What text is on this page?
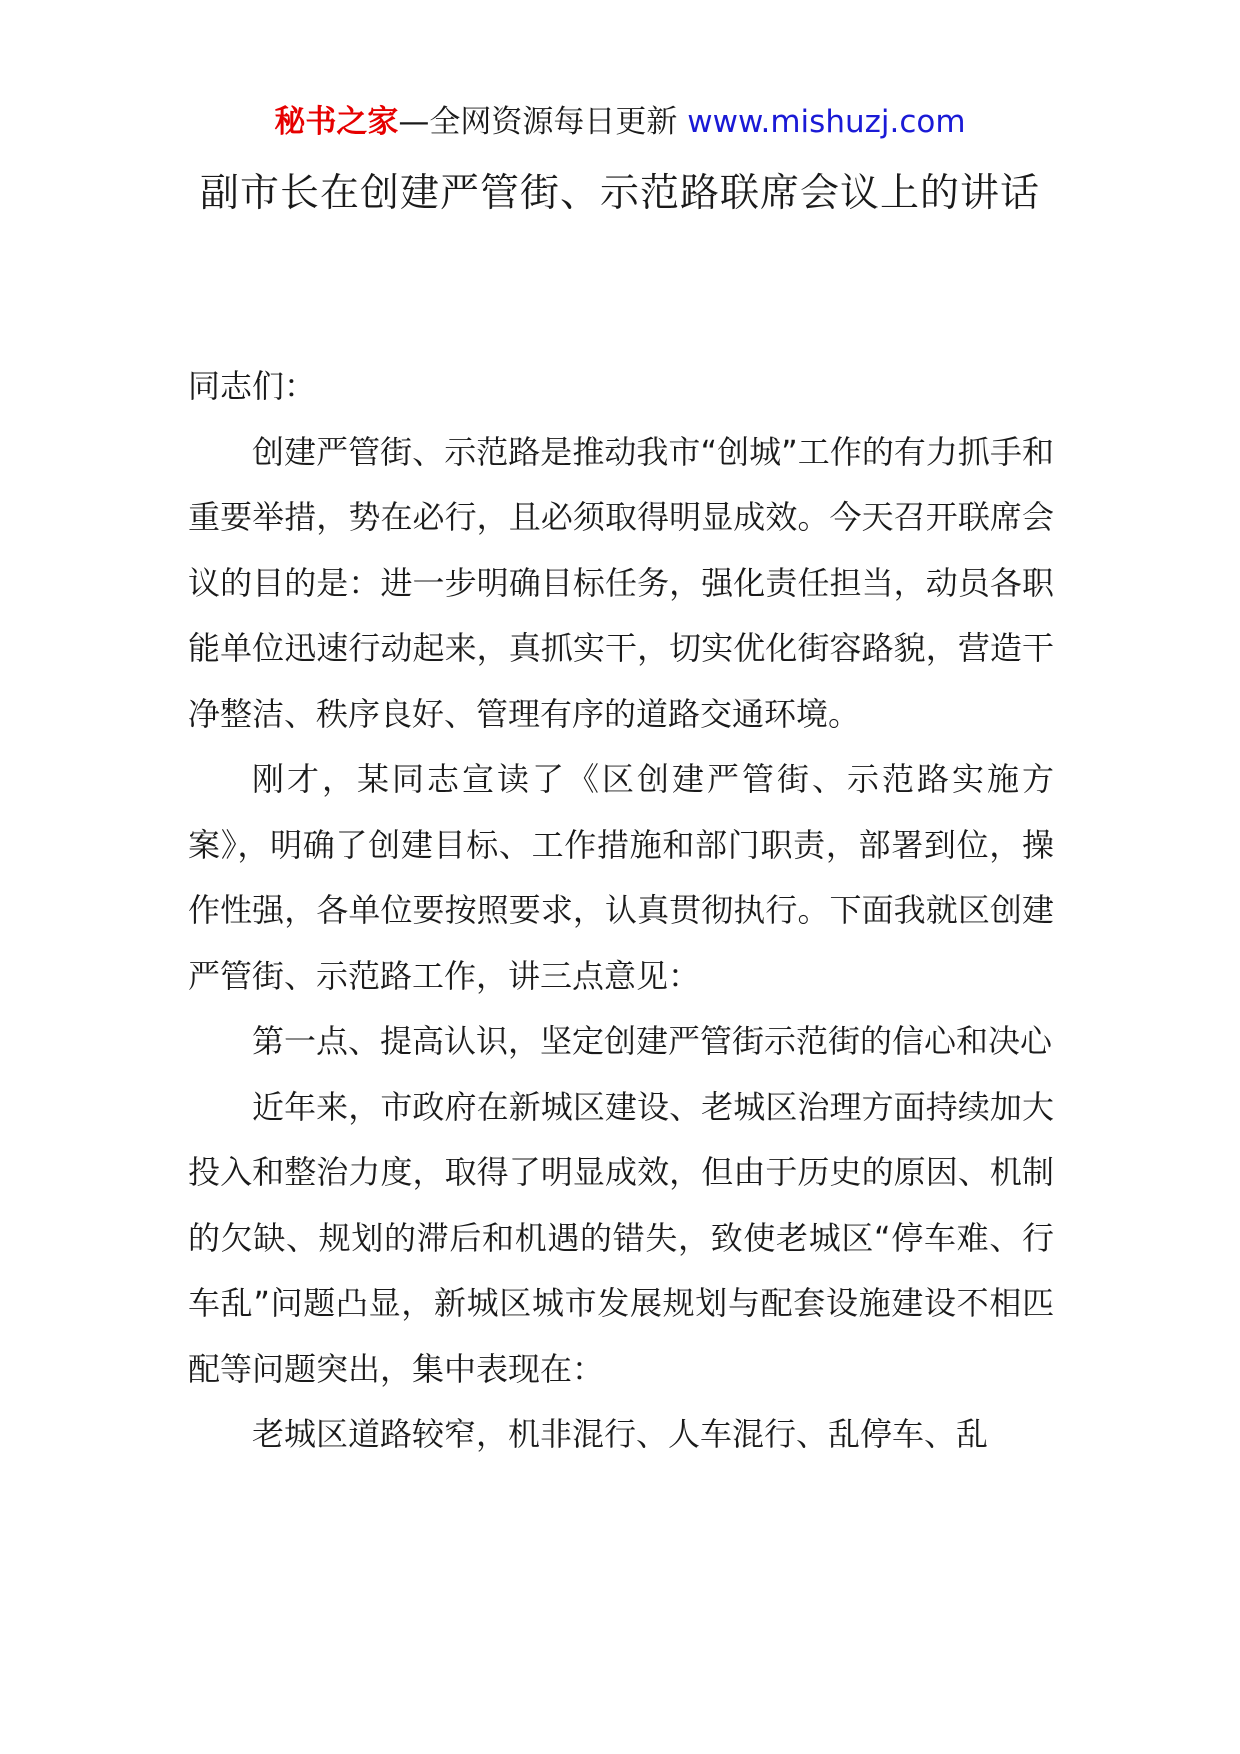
秘书之家—全网资源每日更新 www.mishuzj.com
副市长在创建严管街、示范路联席会议上的讲话

同志们：

创建严管街、示范路是推动我市“创城”工作的有力抓手和重要举措，势在必行，且必须取得明显成效。今天召开联席会议的目的是：进一步明确目标任务，强化责任担当，动员各职能单位迅速行动起来，真抓实干，切实优化街容路貌，营造干净整洁、秩序良好、管理有序的道路交通环境。

刚才，某同志宣读了《区创建严管街、示范路实施方案》，明确了创建目标、工作措施和部门职责，部署到位，操作性强，各单位要按照要求，认真贯彻执行。下面我就区创建严管街、示范路工作，讲三点意见：

第一点、提高认识，坚定创建严管街示范街的信心和决心

近年来，市政府在新城区建设、老城区治理方面持续加大投入和整治力度，取得了明显成效，但由于历史的原因、机制的欠缺、规划的滞后和机遇的错失，致使老城区“停车难、行车乱”问题凸显，新城区城市发展规划与配套设施建设不相匹配等问题突出，集中表现在：

老城区道路较窄，机非混行、人车混行、乱停车、乱
